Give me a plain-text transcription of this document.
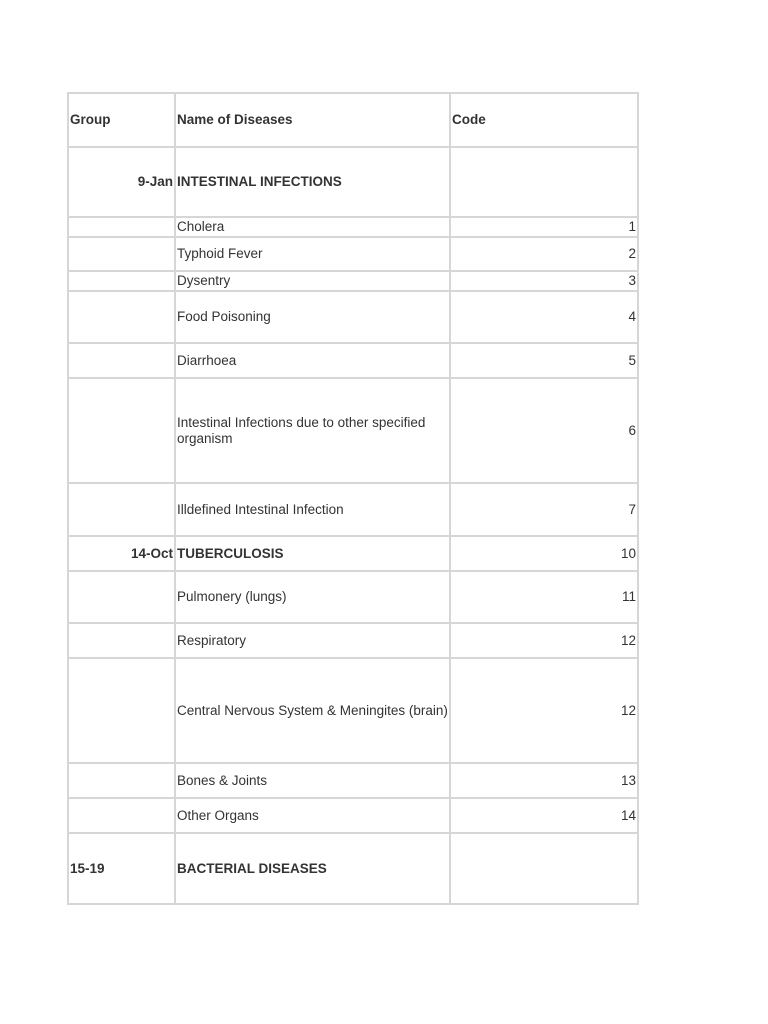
Group	Name of Diseases	Code
9-Jan	INTESTINAL INFECTIONS	
	Cholera	1
	Typhoid Fever	2
	Dysentry	3
	Food Poisoning	4
	Diarrhoea	5
	Intestinal Infections due to other specified organism	6
	Illdefined Intestinal Infection	7
14-Oct	TUBERCULOSIS	10
	Pulmonery (lungs)	11
	Respiratory	12
	Central Nervous System & Meningites (brain)	12
	Bones & Joints	13
	Other Organs	14
15-19	BACTERIAL DISEASES	
